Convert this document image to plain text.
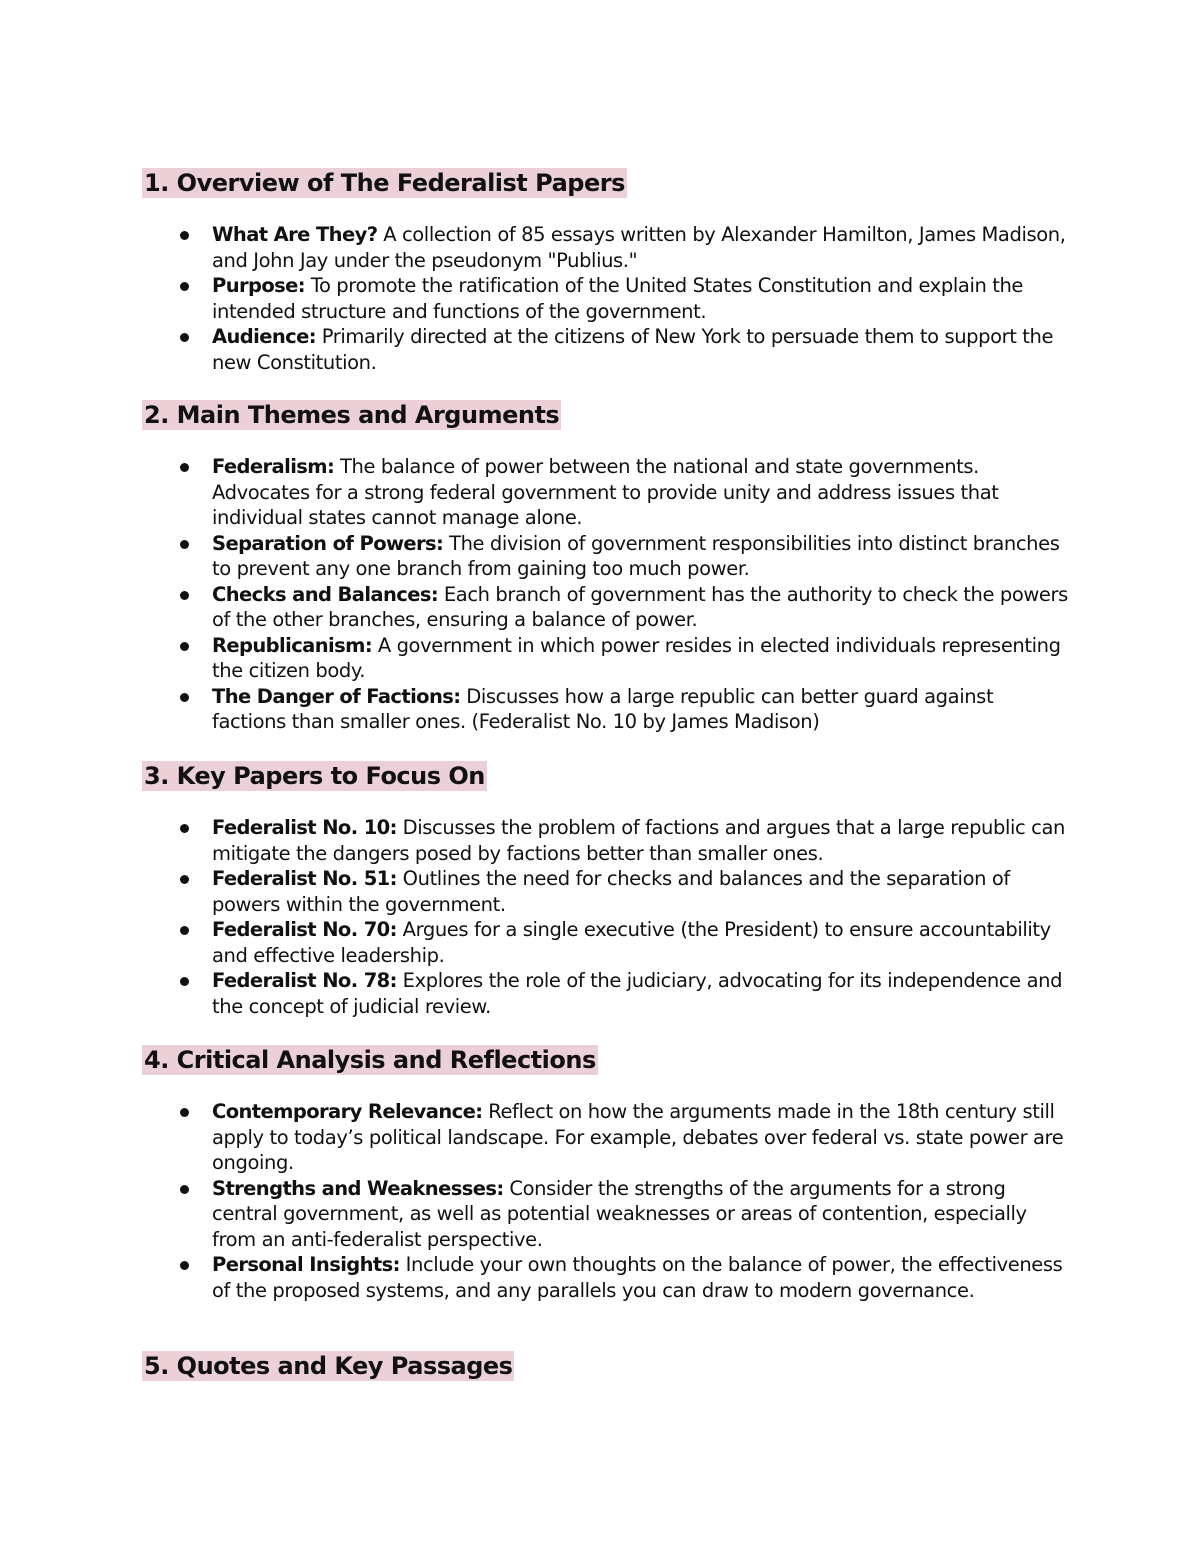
1. Overview of The Federalist Papers
What Are They? A collection of 85 essays written by Alexander Hamilton, James Madison, and John Jay under the pseudonym "Publius."
Purpose: To promote the ratification of the United States Constitution and explain the intended structure and functions of the government.
Audience: Primarily directed at the citizens of New York to persuade them to support the new Constitution.
2. Main Themes and Arguments
Federalism: The balance of power between the national and state governments. Advocates for a strong federal government to provide unity and address issues that individual states cannot manage alone.
Separation of Powers: The division of government responsibilities into distinct branches to prevent any one branch from gaining too much power.
Checks and Balances: Each branch of government has the authority to check the powers of the other branches, ensuring a balance of power.
Republicanism: A government in which power resides in elected individuals representing the citizen body.
The Danger of Factions: Discusses how a large republic can better guard against factions than smaller ones. (Federalist No. 10 by James Madison)
3. Key Papers to Focus On
Federalist No. 10: Discusses the problem of factions and argues that a large republic can mitigate the dangers posed by factions better than smaller ones.
Federalist No. 51: Outlines the need for checks and balances and the separation of powers within the government.
Federalist No. 70: Argues for a single executive (the President) to ensure accountability and effective leadership.
Federalist No. 78: Explores the role of the judiciary, advocating for its independence and the concept of judicial review.
4. Critical Analysis and Reflections
Contemporary Relevance: Reflect on how the arguments made in the 18th century still apply to today’s political landscape. For example, debates over federal vs. state power are ongoing.
Strengths and Weaknesses: Consider the strengths of the arguments for a strong central government, as well as potential weaknesses or areas of contention, especially from an anti-federalist perspective.
Personal Insights: Include your own thoughts on the balance of power, the effectiveness of the proposed systems, and any parallels you can draw to modern governance.
5. Quotes and Key Passages
